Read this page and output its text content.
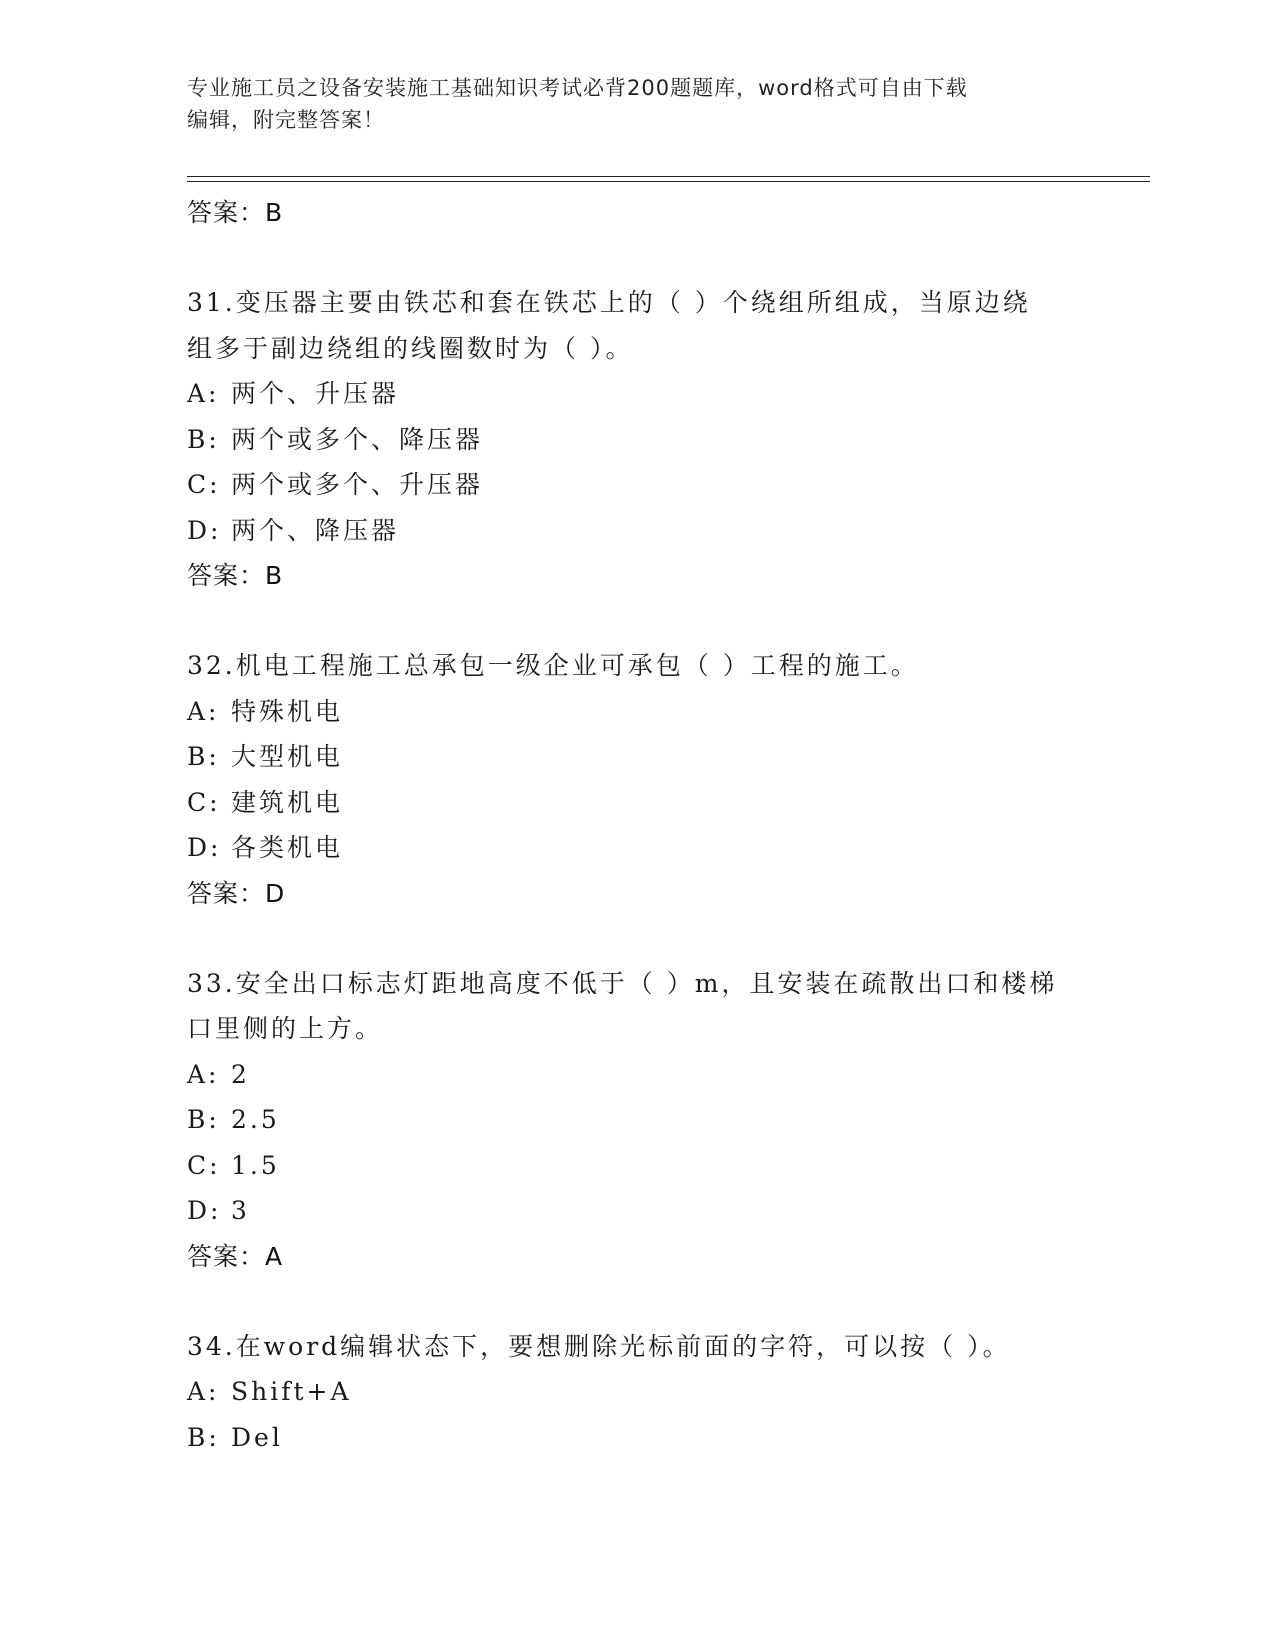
专业施工员之设备安装施工基础知识考试必背200题题库，word格式可自由下载
编辑，附完整答案！
答案：B
31.变压器主要由铁芯和套在铁芯上的（ ）个绕组所组成，当原边绕
组多于副边绕组的线圈数时为（ ）。
A: 两个、升压器
B: 两个或多个、降压器
C: 两个或多个、升压器
D: 两个、降压器
答案：B
32.机电工程施工总承包一级企业可承包（ ）工程的施工。
A: 特殊机电
B: 大型机电
C: 建筑机电
D: 各类机电
答案：D
33.安全出口标志灯距地高度不低于（ ）m，且安装在疏散出口和楼梯
口里侧的上方。
A: 2
B: 2.5
C: 1.5
D: 3
答案：A
34.在word编辑状态下，要想删除光标前面的字符，可以按（ ）。
A: Shift+A
B: Del
